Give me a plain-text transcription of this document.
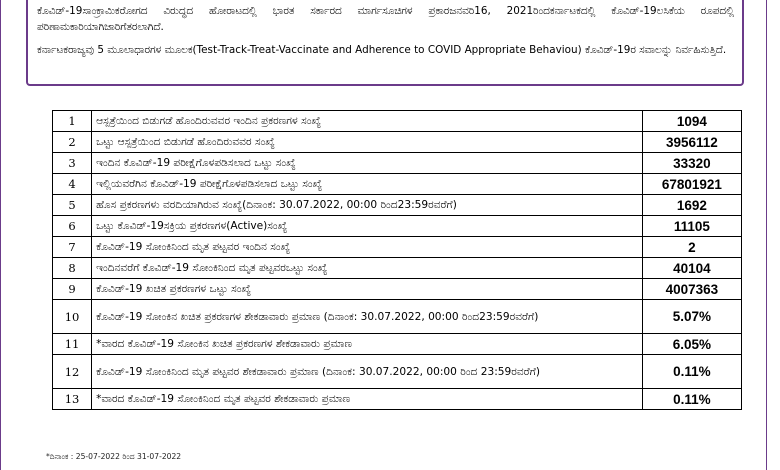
ಕೊವಿಡ್-19ಸಾಂಕ್ರಾಮಿಕರೋಗದ ವಿರುದ್ಧದ ಹೋರಾಟದಲ್ಲಿ ಭಾರತ ಸರ್ಕಾರದ ಮಾರ್ಗಸೂಚಿಗಳ ಪ್ರಕಾರಜನವರಿ16, 2021ರಿಂದಕರ್ನಾಟಕದಲ್ಲಿ ಕೊವಿಡ್-19ಲಸಿಕೆಯ ರೂಪದಲ್ಲಿ ಪರಿಣಾಮಕಾರಿಯಾಗಿಜಾರಿಗೆತರಲಾಗಿದೆ.

ಕರ್ನಾಟಕರಾಜ್ಯವು 5 ಮೂಲಾಧಾರಗಳ ಮೂಲಕ(Test-Track-Treat-Vaccinate and Adherence to COVID Appropriate Behaviou) ಕೊವಿಡ್-19ರ ಸವಾಲನ್ನು ನಿರ್ವಹಿಸುತ್ತಿದೆ.

1	ಆಸ್ಪತ್ರೆಯಿಂದ ಬಿಡುಗಡೆ ಹೊಂದಿರುವವರ ಇಂದಿನ ಪ್ರಕರಣಗಳ ಸಂಖ್ಯೆ	1094
2	ಒಟ್ಟು ಆಸ್ಪತ್ರೆಯಿಂದ ಬಿಡುಗಡೆ ಹೊಂದಿರುವವರ ಸಂಖ್ಯೆ	3956112
3	ಇಂದಿನ ಕೊವಿಡ್-19 ಪರೀಕ್ಷೆಗೊಳಪಡಿಸಲಾದ ಒಟ್ಟು ಸಂಖ್ಯೆ	33320
4	ಇಲ್ಲಿಯವರೆಗಿನ ಕೊವಿಡ್-19 ಪರೀಕ್ಷೆಗೊಳಪಡಿಸಲಾದ ಒಟ್ಟು ಸಂಖ್ಯೆ	67801921
5	ಹೊಸ ಪ್ರಕರಣಗಳು ವರದಿಯಾಗಿರುವ ಸಂಖ್ಯೆ(ದಿನಾಂಕ: 30.07.2022, 00:00 ರಿಂದ23:59ರವರೆಗೆ)	1692
6	ಒಟ್ಟು ಕೊವಿಡ್-19ಸಕ್ರಿಯ ಪ್ರಕರಣಗಳ(Active)ಸಂಖ್ಯೆ	11105
7	ಕೊವಿಡ್-19 ಸೋಂಕಿನಿಂದ ಮೃತ ಪಟ್ಟವರ ಇಂದಿನ ಸಂಖ್ಯೆ	2
8	ಇಂದಿನವರೆಗೆ ಕೊವಿಡ್-19 ಸೋಂಕಿನಿಂದ ಮೃತ ಪಟ್ಟವರಒಟ್ಟು ಸಂಖ್ಯೆ	40104
9	ಕೊವಿಡ್-19 ಖಚಿತ ಪ್ರಕರಣಗಳ ಒಟ್ಟು ಸಂಖ್ಯೆ	4007363
10	ಕೊವಿಡ್-19 ಸೋಂಕಿನ ಖಚಿತ ಪ್ರಕರಣಗಳ ಶೇಕಡಾವಾರು ಪ್ರಮಾಣ (ದಿನಾಂಕ: 30.07.2022, 00:00 ರಿಂದ23:59ರವರೆಗೆ)	5.07%
11	*ವಾರದ ಕೊವಿಡ್-19 ಸೋಂಕಿನ ಖಚಿತ ಪ್ರಕರಣಗಳ ಶೇಕಡಾವಾರು ಪ್ರಮಾಣ	6.05%
12	ಕೊವಿಡ್-19 ಸೋಂಕಿನಿಂದ ಮೃತ ಪಟ್ಟವರ ಶೇಕಡಾವಾರು ಪ್ರಮಾಣ (ದಿನಾಂಕ: 30.07.2022, 00:00 ರಿಂದ 23:59ರವರೆಗೆ)	0.11%
13	*ವಾರದ ಕೊವಿಡ್-19 ಸೋಂಕಿನಿಂದ ಮೃತ ಪಟ್ಟವರ ಶೇಕಡಾವಾರು ಪ್ರಮಾಣ	0.11%
*ದಿನಾಂಕ : 25-07-2022 ರಿಂದ 31-07-2022
